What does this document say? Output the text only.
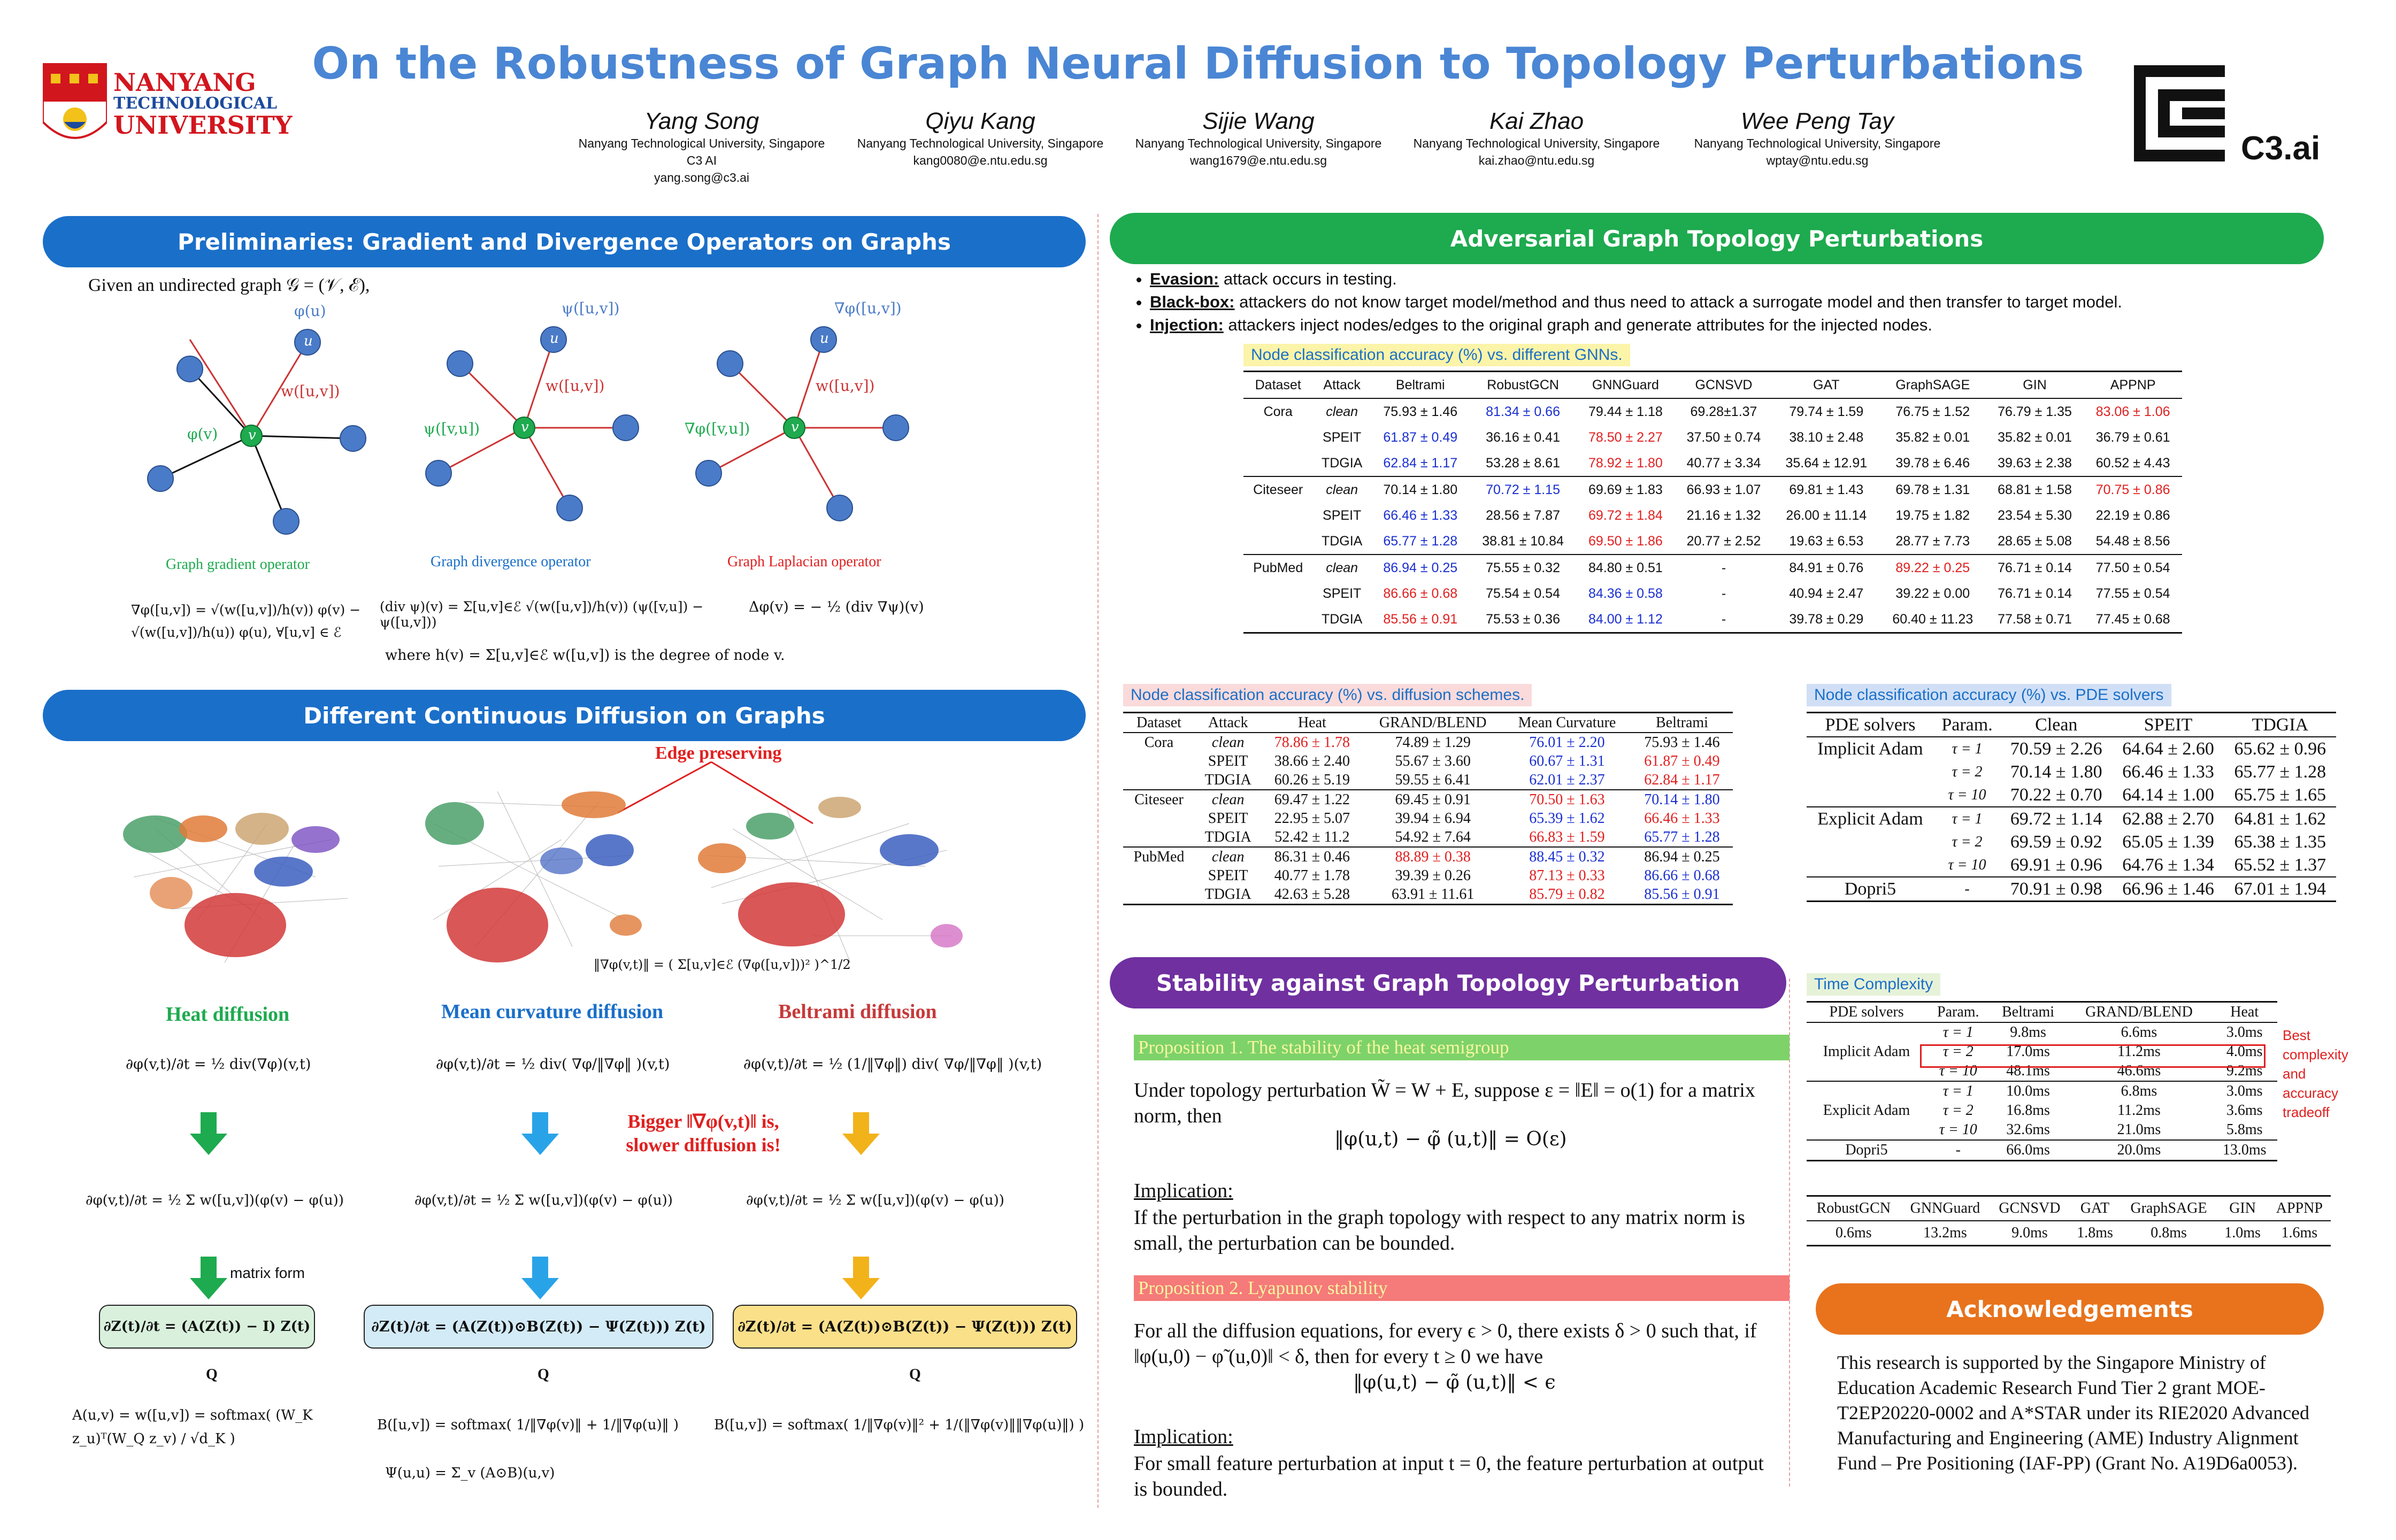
NANYANG
TECHNOLOGICAL
UNIVERSITY
On the Robustness of Graph Neural Diffusion to Topology Perturbations
C3.ai
Yang Song
Nanyang Technological University, Singapore
C3 AI
yang.song@c3.ai
Qiyu Kang
Nanyang Technological University, Singapore
kang0080@e.ntu.edu.sg
Sijie Wang
Nanyang Technological University, Singapore
wang1679@e.ntu.edu.sg
Kai Zhao
Nanyang Technological University, Singapore
kai.zhao@ntu.edu.sg
Wee Peng Tay
Nanyang Technological University, Singapore
wptay@ntu.edu.sg
Preliminaries: Gradient and Divergence Operators on Graphs
Given an undirected graph 𝒢 = (𝒱, ℰ),
u
v
u
v
u
v
φ(u)
w([u,v])
φ(v)
ψ([u,v])
w([u,v])
ψ([v,u])
∇φ([u,v])
w([u,v])
∇φ([v,u])
Graph gradient operator	Graph divergence operator	Graph Laplacian operator
∇φ([u,v]) = √(w([u,v])/h(v)) φ(v) − √(w([u,v])/h(u)) φ(u), ∀[u,v] ∈ ℰ
(div ψ)(v) = Σ[u,v]∈ℰ √(w([u,v])/h(v)) (ψ([v,u]) − ψ([u,v]))
Δφ(v) = − ½ (div ∇ψ)(v)
where h(v) = Σ[u,v]∈ℰ w([u,v]) is the degree of node v.
Different Continuous Diffusion on Graphs
Edge preserving
‖∇φ(v,t)‖ = ( Σ[u,v]∈ℰ (∇φ([u,v]))² )^1/2
Heat diffusion	Mean curvature diffusion	Beltrami diffusion
∂φ(v,t)/∂t = ½ div(∇φ)(v,t)	∂φ(v,t)/∂t = ½ div( ∇φ/‖∇φ‖ )(v,t)	∂φ(v,t)/∂t = ½ (1/‖∇φ‖) div( ∇φ/‖∇φ‖ )(v,t)
Bigger ‖∇φ(v,t)‖ is, slower diffusion is!
∂φ(v,t)/∂t = ½ Σ w([u,v])(φ(v) − φ(u))	∂φ(v,t)/∂t = ½ Σ w([u,v])(φ(v) − φ(u))	∂φ(v,t)/∂t = ½ Σ w([u,v])(φ(v) − φ(u))
matrix form
∂Z(t)/∂t = (A(Z(t)) − I) Z(t)	∂Z(t)/∂t = (A(Z(t))⊙B(Z(t)) − Ψ(Z(t))) Z(t) ∂Z(t)/∂t = (A(Z(t))⊙B(Z(t)) − Ψ(Z(t))) Z(t)
Q	Q	Q
A(u,v) = w([u,v]) = softmax( (W_K z_u)ᵀ(W_Q z_v) / √d_K )
B([u,v]) = softmax( 1/‖∇φ(v)‖ + 1/‖∇φ(u)‖ )
Ψ(u,u) = Σ_v (A⊙B)(u,v)
B([u,v]) = softmax( 1/‖∇φ(v)‖² + 1/(‖∇φ(v)‖‖∇φ(u)‖) )
Adversarial Graph Topology Perturbations
• Evasion: attack occurs in testing.
• Black-box: attackers do not know target model/method and thus need to attack a surrogate model and then transfer to target model.
• Injection: attackers inject nodes/edges to the original graph and generate attributes for the injected nodes.
Node classification accuracy (%) vs. different GNNs.
Dataset	Attack	Beltrami	RobustGCN	GNNGuard	GCNSVD	GAT	GraphSAGE	GIN	APPNP
Cora	clean	75.93 ± 1.46	81.34 ± 0.66	79.44 ± 1.18	69.28±1.37	79.74 ± 1.59	76.75 ± 1.52	76.79 ± 1.35	83.06 ± 1.06
	SPEIT	61.87 ± 0.49	36.16 ± 0.41	78.50 ± 2.27	37.50 ± 0.74	38.10 ± 2.48	35.82 ± 0.01	35.82 ± 0.01	36.79 ± 0.61
	TDGIA	62.84 ± 1.17	53.28 ± 8.61	78.92 ± 1.80	40.77 ± 3.34	35.64 ± 12.91	39.78 ± 6.46	39.63 ± 2.38	60.52 ± 4.43
Citeseer	clean	70.14 ± 1.80	70.72 ± 1.15	69.69 ± 1.83	66.93 ± 1.07	69.81 ± 1.43	69.78 ± 1.31	68.81 ± 1.58	70.75 ± 0.86
	SPEIT	66.46 ± 1.33	28.56 ± 7.87	69.72 ± 1.84	21.16 ± 1.32	26.00 ± 11.14	19.75 ± 1.82	23.54 ± 5.30	22.19 ± 0.86
	TDGIA	65.77 ± 1.28	38.81 ± 10.84	69.50 ± 1.86	20.77 ± 2.52	19.63 ± 6.53	28.77 ± 7.73	28.65 ± 5.08	54.48 ± 8.56
PubMed	clean	86.94 ± 0.25	75.55 ± 0.32	84.80 ± 0.51	-	84.91 ± 0.76	89.22 ± 0.25	76.71 ± 0.14	77.50 ± 0.54
	SPEIT	86.66 ± 0.68	75.54 ± 0.54	84.36 ± 0.58	-	40.94 ± 2.47	39.22 ± 0.00	76.71 ± 0.14	77.55 ± 0.54
	TDGIA	85.56 ± 0.91	75.53 ± 0.36	84.00 ± 1.12	-	39.78 ± 0.29	60.40 ± 11.23	77.58 ± 0.71	77.45 ± 0.68
Node classification accuracy (%) vs. diffusion schemes.
Dataset	Attack	Heat	GRAND/BLEND	Mean Curvature	Beltrami
Cora	clean	78.86 ± 1.78	74.89 ± 1.29	76.01 ± 2.20	75.93 ± 1.46
	SPEIT	38.66 ± 2.40	55.67 ± 3.60	60.67 ± 1.31	61.87 ± 0.49
	TDGIA	60.26 ± 5.19	59.55 ± 6.41	62.01 ± 2.37	62.84 ± 1.17
Citeseer	clean	69.47 ± 1.22	69.45 ± 0.91	70.50 ± 1.63	70.14 ± 1.80
	SPEIT	22.95 ± 5.07	39.94 ± 6.94	65.39 ± 1.62	66.46 ± 1.33
	TDGIA	52.42 ± 11.2	54.92 ± 7.64	66.83 ± 1.59	65.77 ± 1.28
PubMed	clean	86.31 ± 0.46	88.89 ± 0.38	88.45 ± 0.32	86.94 ± 0.25
	SPEIT	40.77 ± 1.78	39.39 ± 0.26	87.13 ± 0.33	86.66 ± 0.68
	TDGIA	42.63 ± 5.28	63.91 ± 11.61	85.79 ± 0.82	85.56 ± 0.91
Node classification accuracy (%) vs. PDE solvers
PDE solvers	Param.	Clean	SPEIT	TDGIA
Implicit Adam	τ = 1	70.59 ± 2.26	64.64 ± 2.60	65.62 ± 0.96
	τ = 2	70.14 ± 1.80	66.46 ± 1.33	65.77 ± 1.28
	τ = 10	70.22 ± 0.70	64.14 ± 1.00	65.75 ± 1.65
Explicit Adam	τ = 1	69.72 ± 1.14	62.88 ± 2.70	64.81 ± 1.62
	τ = 2	69.59 ± 0.92	65.05 ± 1.39	65.38 ± 1.35
	τ = 10	69.91 ± 0.96	64.76 ± 1.34	65.52 ± 1.37
Dopri5	-	70.91 ± 0.98	66.96 ± 1.46	67.01 ± 1.94
Stability against Graph Topology Perturbation
Proposition 1. The stability of the heat semigroup
Under topology perturbation W̃ = W + E, suppose ε = ‖E‖ = o(1) for a matrix norm, then
‖φ(u,t) − φ̃ (u,t)‖ = O(ε)
Implication:
If the perturbation in the graph topology with respect to any matrix norm is small, the perturbation can be bounded.
Proposition 2. Lyapunov stability
For all the diffusion equations, for every ϵ > 0, there exists δ > 0 such that, if ‖φ(u,0) − φ̃ (u,0)‖ < δ, then for every t ≥ 0 we have
‖φ(u,t) − φ̃ (u,t)‖ < ϵ
Implication:
For small feature perturbation at input t = 0, the feature perturbation at output is bounded.
Time Complexity
PDE solvers	Param.	Beltrami	GRAND/BLEND	Heat
	τ = 1	9.8ms	6.6ms	3.0ms
Implicit Adam	τ = 2	17.0ms	11.2ms	4.0ms
	τ = 10	48.1ms	46.6ms	9.2ms
	τ = 1	10.0ms	6.8ms	3.0ms
Explicit Adam	τ = 2	16.8ms	11.2ms	3.6ms
	τ = 10	32.6ms	21.0ms	5.8ms
Dopri5	-	66.0ms	20.0ms	13.0ms
Best complexity and accuracy tradeoff
RobustGCN	GNNGuard	GCNSVD	GAT	GraphSAGE	GIN	APPNP
0.6ms	13.2ms	9.0ms	1.8ms	0.8ms	1.0ms	1.6ms
Acknowledgements
This research is supported by the Singapore Ministry of Education Academic Research Fund Tier 2 grant MOE-T2EP20220-0002 and A*STAR under its RIE2020 Advanced Manufacturing and Engineering (AME) Industry Alignment Fund – Pre Positioning (IAF-PP) (Grant No. A19D6a0053).
